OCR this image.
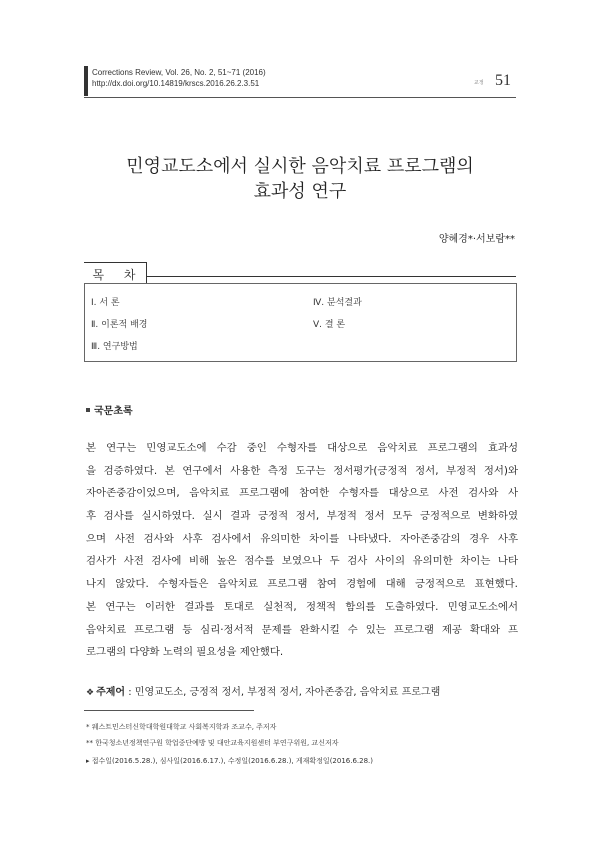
Corrections Review, Vol. 26, No. 2, 51~71 (2016)
http://dx.doi.org/10.14819/krscs.2016.26.2.3.51	교정 51
민영교도소에서 실시한 음악치료 프로그램의
효과성 연구
양혜경*·서보람**
목 차
Ⅰ. 서 론
Ⅱ. 이론적 배경
Ⅲ. 연구방법
Ⅳ. 분석결과
Ⅴ. 결 론
국문초록
본 연구는 민영교도소에 수감 중인 수형자를 대상으로 음악치료 프로그램의 효과성
을 검증하였다. 본 연구에서 사용한 측정 도구는 정서평가(긍정적 정서, 부정적 정서)와
자아존중감이었으며, 음악치료 프로그램에 참여한 수형자를 대상으로 사전 검사와 사
후 검사를 실시하였다. 실시 결과 긍정적 정서, 부정적 정서 모두 긍정적으로 변화하였
으며 사전 검사와 사후 검사에서 유의미한 차이를 나타냈다. 자아존중감의 경우 사후
검사가 사전 검사에 비해 높은 점수를 보였으나 두 검사 사이의 유의미한 차이는 나타
나지 않았다. 수형자들은 음악치료 프로그램 참여 경험에 대해 긍정적으로 표현했다.
본 연구는 이러한 결과를 토대로 실천적, 정책적 함의를 도출하였다. 민영교도소에서
음악치료 프로그램 등 심리·정서적 문제를 완화시킬 수 있는 프로그램 제공 확대와 프
로그램의 다양화 노력의 필요성을 제안했다.
❖ 주제어 : 민영교도소, 긍정적 정서, 부정적 정서, 자아존중감, 음악치료 프로그램
* 웨스트민스터신학대학원대학교 사회복지학과 조교수, 주저자
** 한국청소년정책연구원 학업중단예방 및 대안교육지원센터 부연구위원, 교신저자
▸ 접수일(2016.5.28.), 심사일(2016.6.17.), 수정일(2016.6.28.), 게재확정일(2016.6.28.)
